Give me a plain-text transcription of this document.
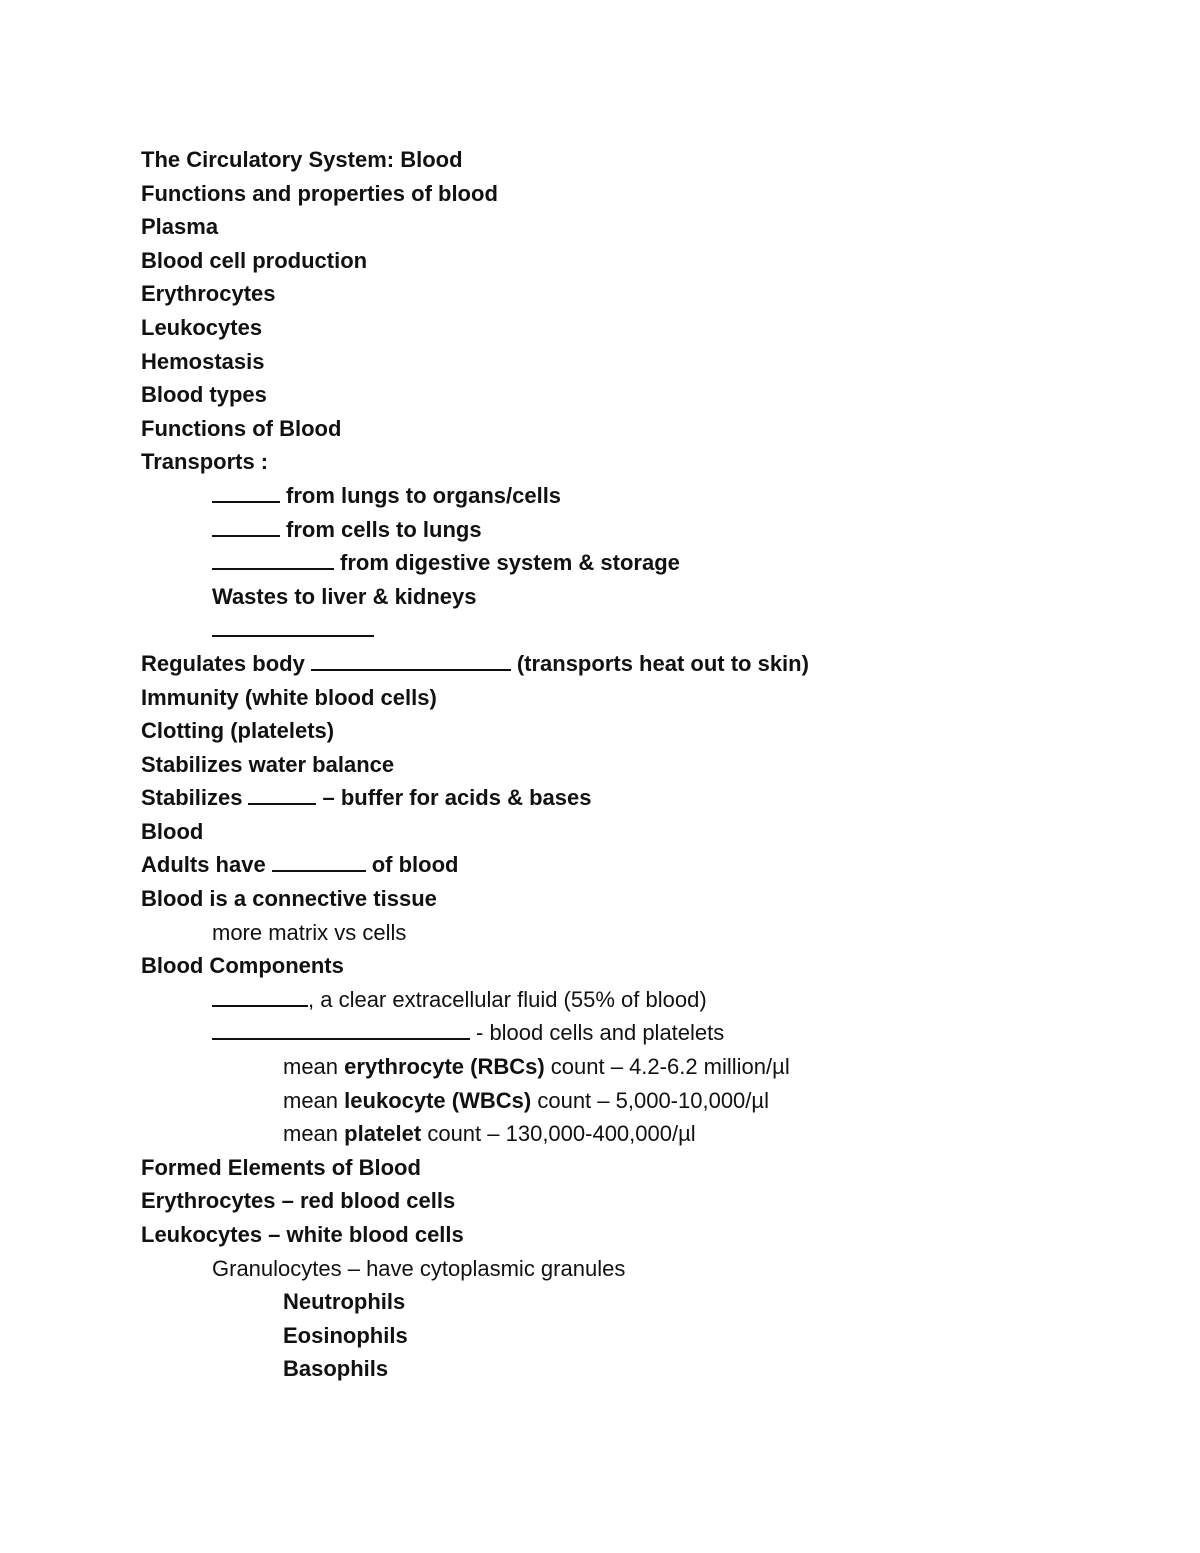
The Circulatory System: Blood
Functions and properties of blood
Plasma
Blood cell production
Erythrocytes
Leukocytes
Hemostasis
Blood types
Functions of Blood
Transports :
from lungs to organs/cells
from cells to lungs
from digestive system & storage
Wastes to liver & kidneys
Regulates body	(transports heat out to skin)
Immunity (white blood cells)
Clotting (platelets)
Stabilizes water balance
Stabilizes	– buffer for acids & bases
Blood
Adults have	of blood
Blood is a connective tissue
more matrix vs cells
Blood Components
, a clear extracellular fluid (55% of blood)
- blood cells and platelets
mean erythrocyte (RBCs) count – 4.2-6.2 million/µl
mean leukocyte (WBCs) count – 5,000-10,000/µl
mean platelet count – 130,000-400,000/µl
Formed Elements of Blood
Erythrocytes – red blood cells
Leukocytes – white blood cells
Granulocytes – have cytoplasmic granules
Neutrophils
Eosinophils
Basophils
